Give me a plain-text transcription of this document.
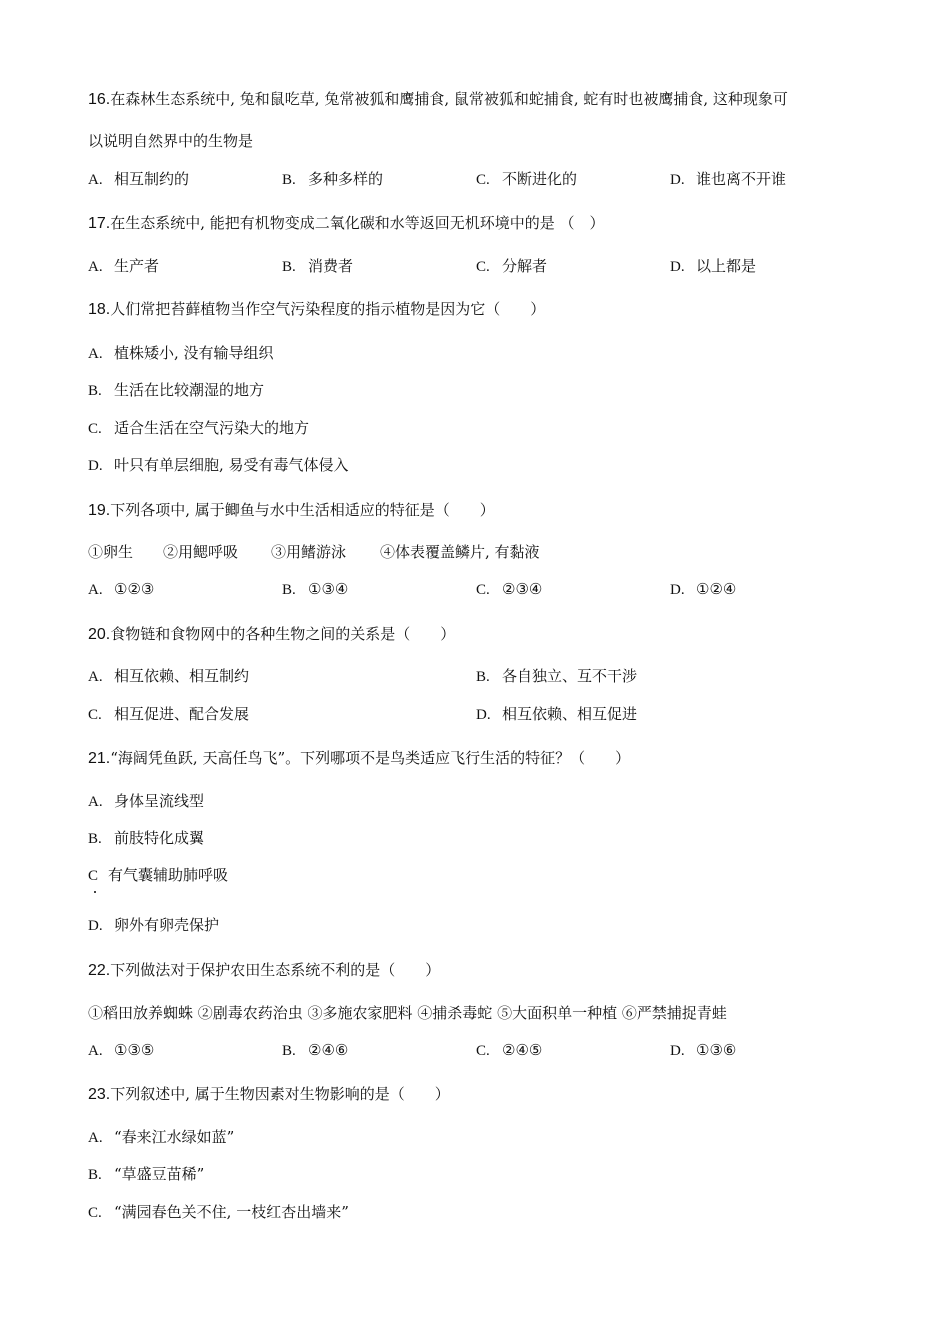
16.在森林生态系统中, 兔和鼠吃草, 兔常被狐和鹰捕食, 鼠常被狐和蛇捕食, 蛇有时也被鹰捕食, 这种现象可
以说明自然界中的生物是
A. 相互制约的	B. 多种多样的	C. 不断进化的	D. 谁也离不开谁
17.在生态系统中, 能把有机物变成二氧化碳和水等返回无机环境中的是 （　）
A. 生产者	B. 消费者	C. 分解者	D. 以上都是
18.人们常把苔藓植物当作空气污染程度的指示植物是因为它（　　）
A. 植株矮小, 没有输导组织
B. 生活在比较潮湿的地方
C. 适合生活在空气污染大的地方
D. 叶只有单层细胞, 易受有毒气体侵入
19.下列各项中, 属于鲫鱼与水中生活相适应的特征是（　　）
①卵生 ②用鳃呼吸 ③用鳍游泳 ④体表覆盖鳞片, 有黏液
A. ①②③	B. ①③④	C. ②③④	D. ①②④
20.食物链和食物网中的各种生物之间的关系是（　　）
A. 相互依赖、相互制约	B. 各自独立、互不干涉
C. 相互促进、配合发展	D. 相互依赖、相互促进
21.“海阔凭鱼跃, 天高任鸟飞”。下列哪项不是鸟类适应飞行生活的特征？（　　）
A. 身体呈流线型
B. 前肢特化成翼
C 有气囊辅助肺呼吸
D. 卵外有卵壳保护
22.下列做法对于保护农田生态系统不利的是（　　）
①稻田放养蜘蛛 ②剧毒农药治虫 ③多施农家肥料 ④捕杀毒蛇 ⑤大面积单一种植 ⑥严禁捕捉青蛙
A. ①③⑤	B. ②④⑥	C. ②④⑤	D. ①③⑥
23.下列叙述中, 属于生物因素对生物影响的是（　　）
A. “春来江水绿如蓝”
B. “草盛豆苗稀”
C. “满园春色关不住, 一枝红杏出墙来”
